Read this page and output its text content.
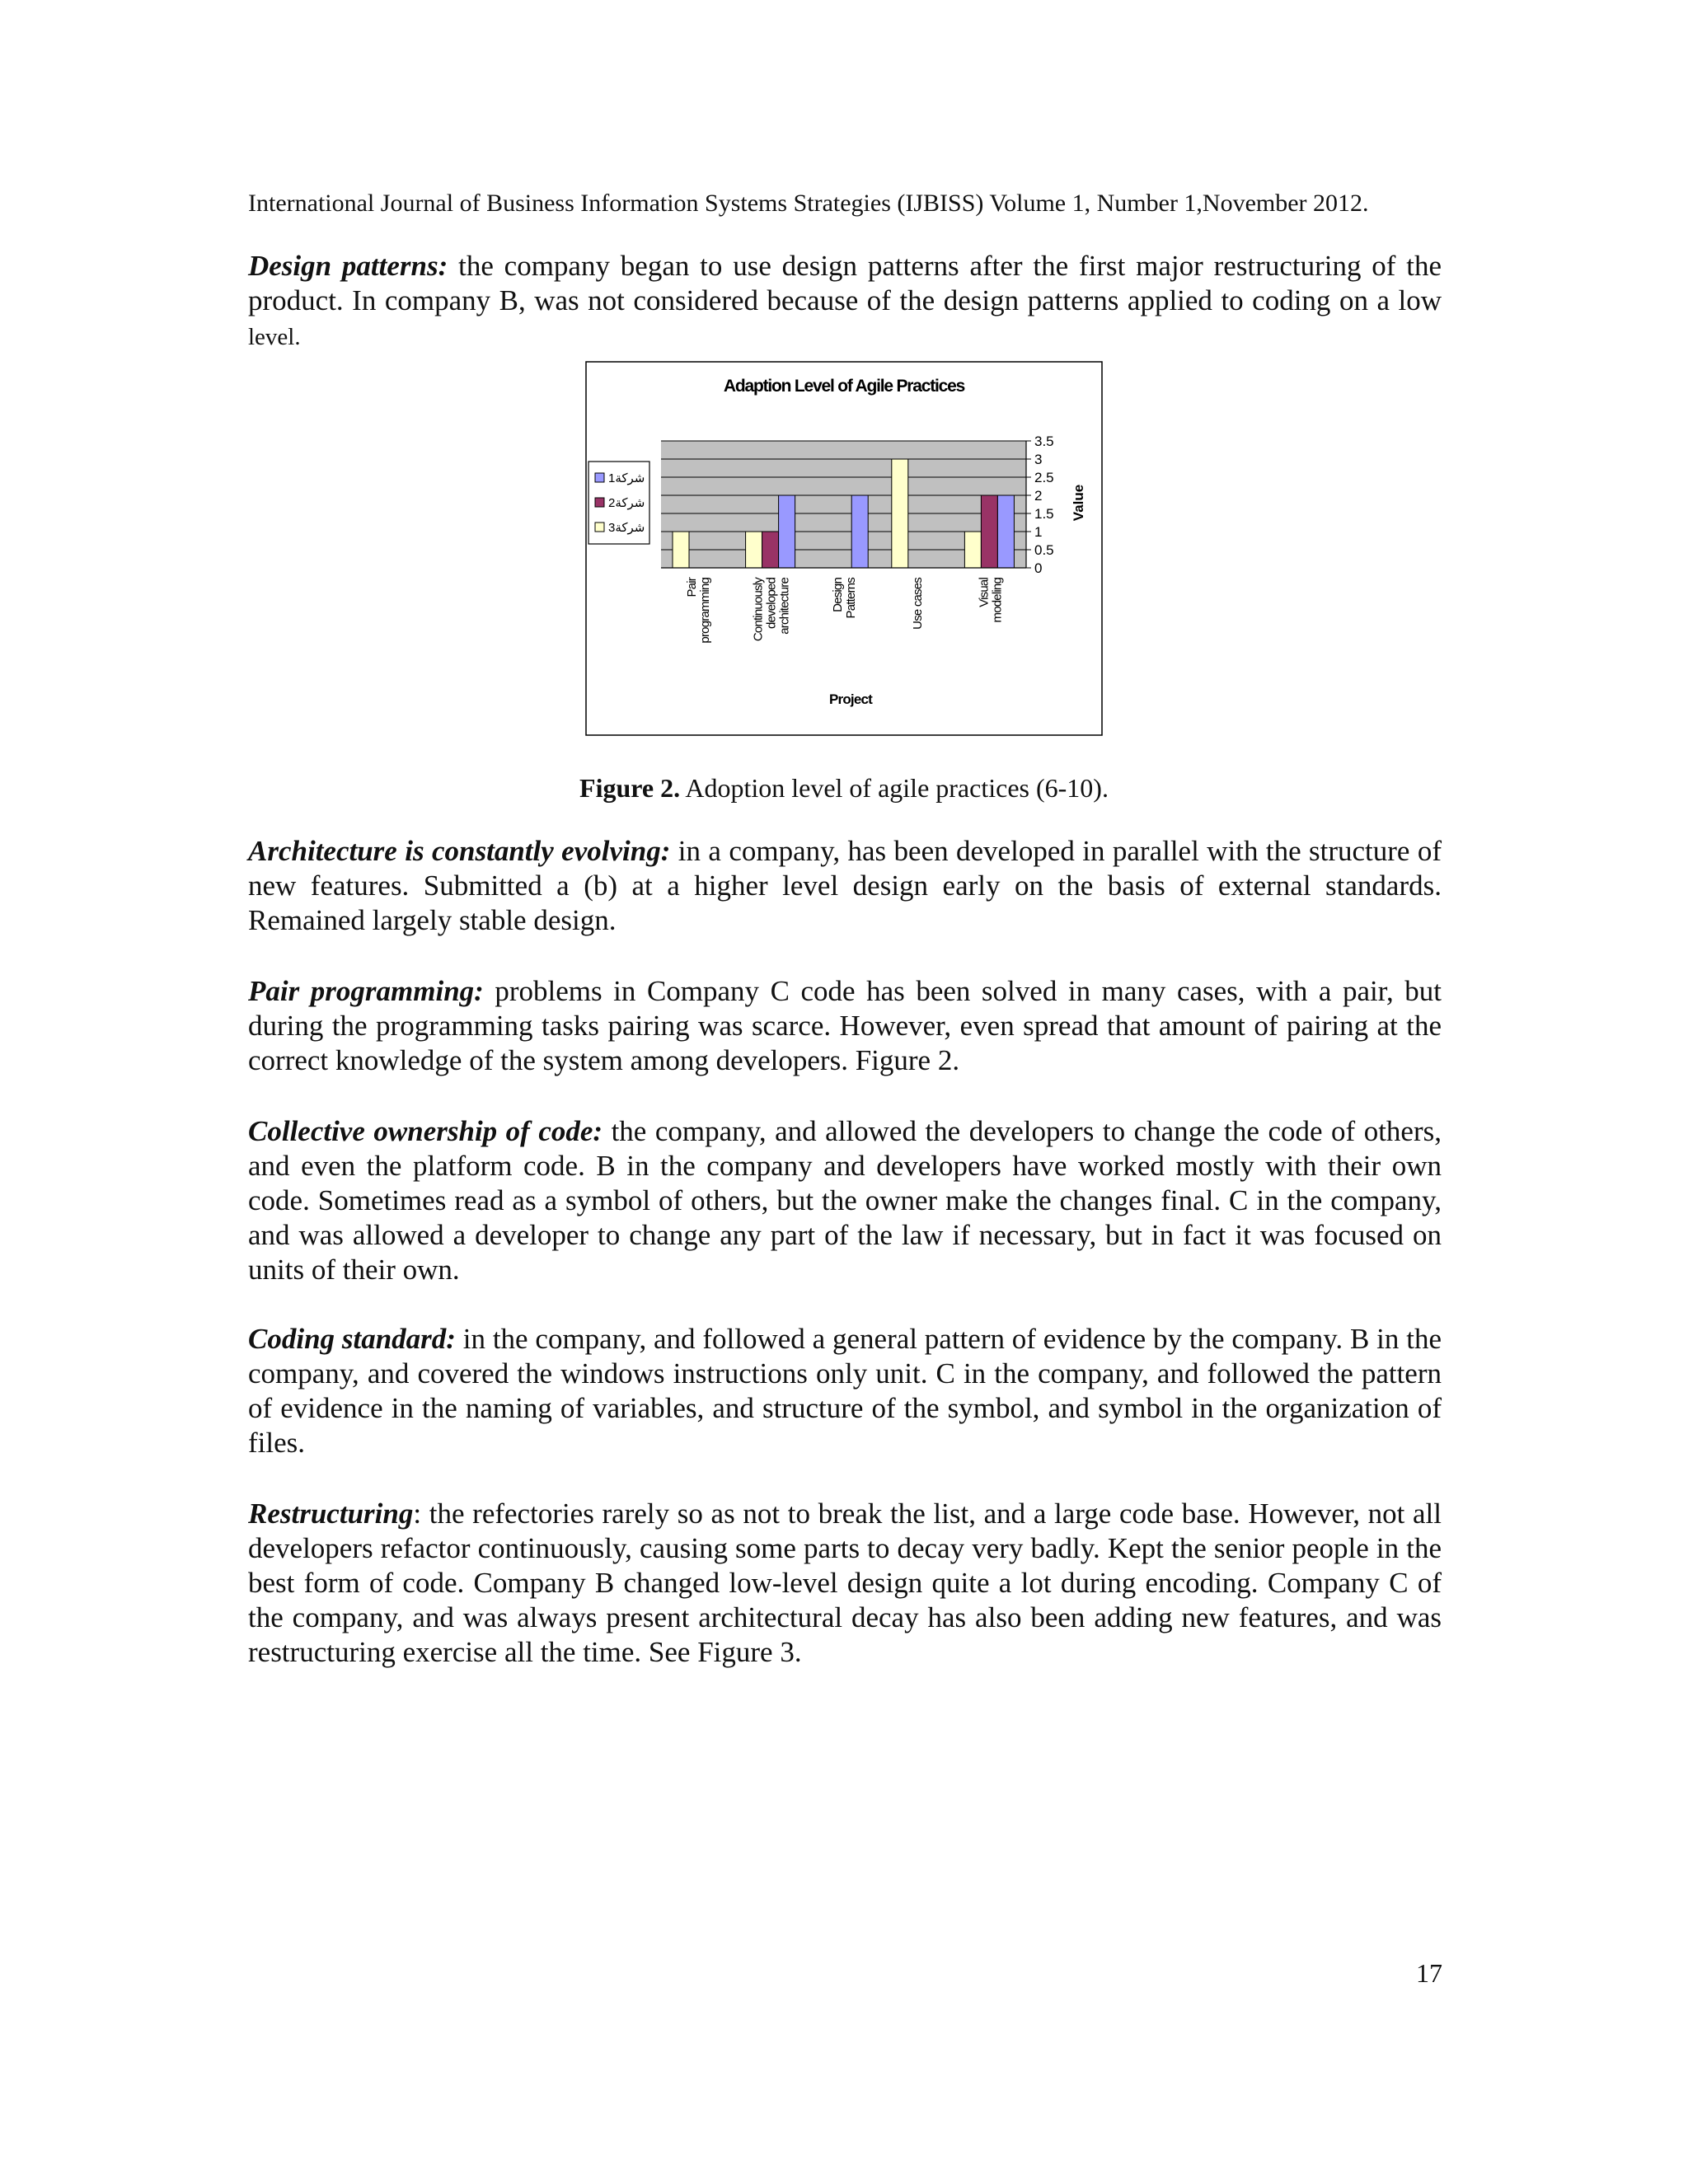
International Journal of Business Information Systems Strategies (IJBISS) Volume 1, Number 1,November 2012.

Design patterns: the company began to use design patterns after the first major restructuring of the product. In company B, was not considered because of the design patterns applied to coding on a low level.

Adaption Level of Agile Practices
0
0.5
1
1.5
2
2.5
3
3.5
Value
Pair programming	Continuously developed architecture	Design Patterns	Use cases	Visual modeling
Project
1شركة
2شركة
3شركة
Figure 2. Adoption level of agile practices (6-10).

Architecture is constantly evolving: in a company, has been developed in parallel with the structure of new features. Submitted a (b) at a higher level design early on the basis of external standards. Remained largely stable design.

Pair programming: problems in Company C code has been solved in many cases, with a pair, but during the programming tasks pairing was scarce. However, even spread that amount of pairing at the correct knowledge of the system among developers. Figure 2.

Collective ownership of code: the company, and allowed the developers to change the code of others, and even the platform code. B in the company and developers have worked mostly with their own code. Sometimes read as a symbol of others, but the owner make the changes final. C in the company, and was allowed a developer to change any part of the law if necessary, but in fact it was focused on units of their own.

Coding standard: in the company, and followed a general pattern of evidence by the company. B in the company, and covered the windows instructions only unit. C in the company, and followed the pattern of evidence in the naming of variables, and structure of the symbol, and symbol in the organization of files.

Restructuring: the refectories rarely so as not to break the list, and a large code base. However, not all developers refactor continuously, causing some parts to decay very badly. Kept the senior people in the best form of code. Company B changed low-level design quite a lot during encoding. Company C of the company, and was always present architectural decay has also been adding new features, and was restructuring exercise all the time. See Figure 3.

17
